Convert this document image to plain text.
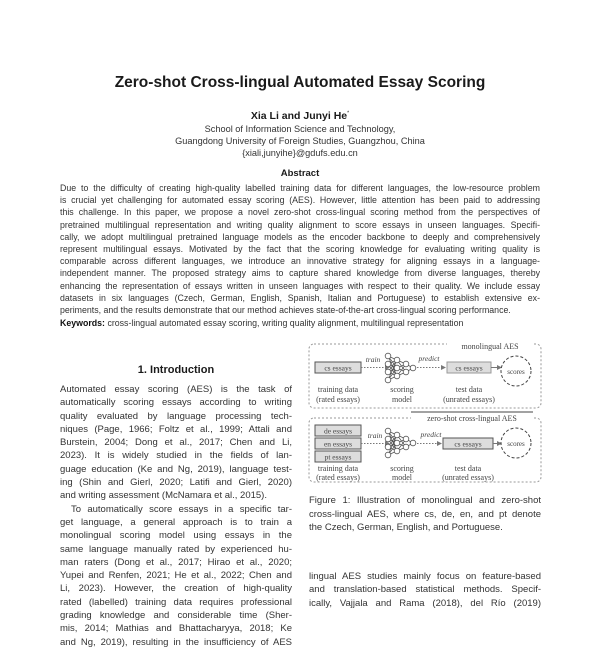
Zero-shot Cross-lingual Automated Essay Scoring
Xia Li and Junyi He*
School of Information Science and Technology,
Guangdong University of Foreign Studies, Guangzhou, China
{xiali,junyihe}@gdufs.edu.cn
Abstract
Due to the difficulty of creating high-quality labelled training data for different languages, the low-resource problem
is crucial yet challenging for automated essay scoring (AES). However, little attention has been paid to addressing
this challenge. In this paper, we propose a novel zero-shot cross-lingual scoring method from the perspectives of
pretrained multilingual representation and writing quality alignment to score essays in unseen languages. Specifi-
cally, we adopt multilingual pretrained language models as the encoder backbone to deeply and comprehensively
represent multilingual essays. Motivated by the fact that the scoring knowledge for evaluating writing quality is
comparable across different languages, we introduce an innovative strategy for aligning essays in a language-
independent manner. The proposed strategy aims to capture shared knowledge from diverse languages, thereby
enhancing the representation of essays written in unseen languages with respect to their quality. We include essay
datasets in six languages (Czech, German, English, Spanish, Italian and Portuguese) to establish extensive ex-
periments, and the results demonstrate that our method achieves state-of-the-art cross-lingual scoring performance.
Keywords: cross-lingual automated essay scoring, writing quality alignment, multilingual representation
1. Introduction
Automated essay scoring (AES) is the task of
automatically scoring essays according to writing
quality evaluated by language processing tech-
niques (Page, 1966; Foltz et al., 1999; Attali and
Burstein, 2004; Dong et al., 2017; Chen and Li,
2023). It is widely studied in the fields of lan-
guage education (Ke and Ng, 2019), language test-
ing (Shin and Gierl, 2020; Latifi and Gierl, 2020)
and writing assessment (McNamara et al., 2015).
To automatically score essays in a specific tar-
get language, a general approach is to train a
monolingual scoring model using essays in the
same language manually rated by experienced hu-
man raters (Dong et al., 2017; Hirao et al., 2020;
Yupei and Renfen, 2021; He et al., 2022; Chen and
Li, 2023). However, the creation of high-quality
rated (labelled) training data requires professional
grading knowledge and considerable time (Sher-
mis, 2014; Mathias and Bhattacharyya, 2018; Ke
and Ng, 2019), resulting in the insufficiency of AES
monolingual AES
cs essays
train	predict
cs essays	scores
training data
(rated essays)
scoring
model
test data
(unrated essays)
zero-shot cross-lingual AES
de essays
en essays
pt essays
train	predict
cs essays	scores
training data
(rated essays)
scoring
model
test data
(unrated essays)
Figure 1: Illustration of monolingual and zero-shot
cross-lingual AES, where cs, de, en, and pt denote
the Czech, German, English, and Portuguese.
lingual AES studies mainly focus on feature-based
and translation-based statistical methods. Specif-
ically, Vajjala and Rama (2018), del Río (2019)
